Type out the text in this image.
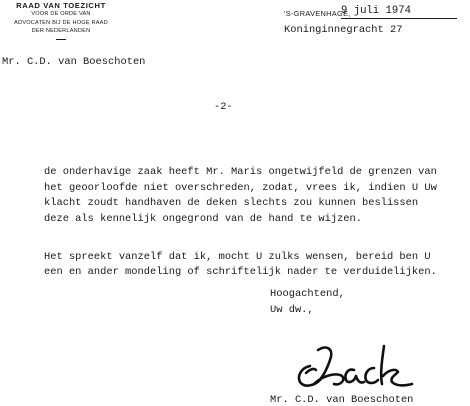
RAAD VAN TOEZICHT
VOOR DE ORDE VAN
ADVOCATEN BIJ DE HOGE RAAD
DER NEDERLANDEN
'S-GRAVENHAGE,
9 juli 1974
Koninginnegracht 27
Mr. C.D. van Boeschoten
-2-
de onderhavige zaak heeft Mr. Maris ongetwijfeld de grenzen van
het geoorloofde niet overschreden, zodat, vrees ik, indien U Uw
klacht zoudt handhaven de deken slechts zou kunnen beslissen
deze als kennelijk ongegrond van de hand te wijzen.
Het spreekt vanzelf dat ik, mocht U zulks wensen, bereid ben U
een en ander mondeling of schriftelijk nader te verduidelijken.
Hoogachtend,
Uw dw.,
Mr. C.D. van Boeschoten
